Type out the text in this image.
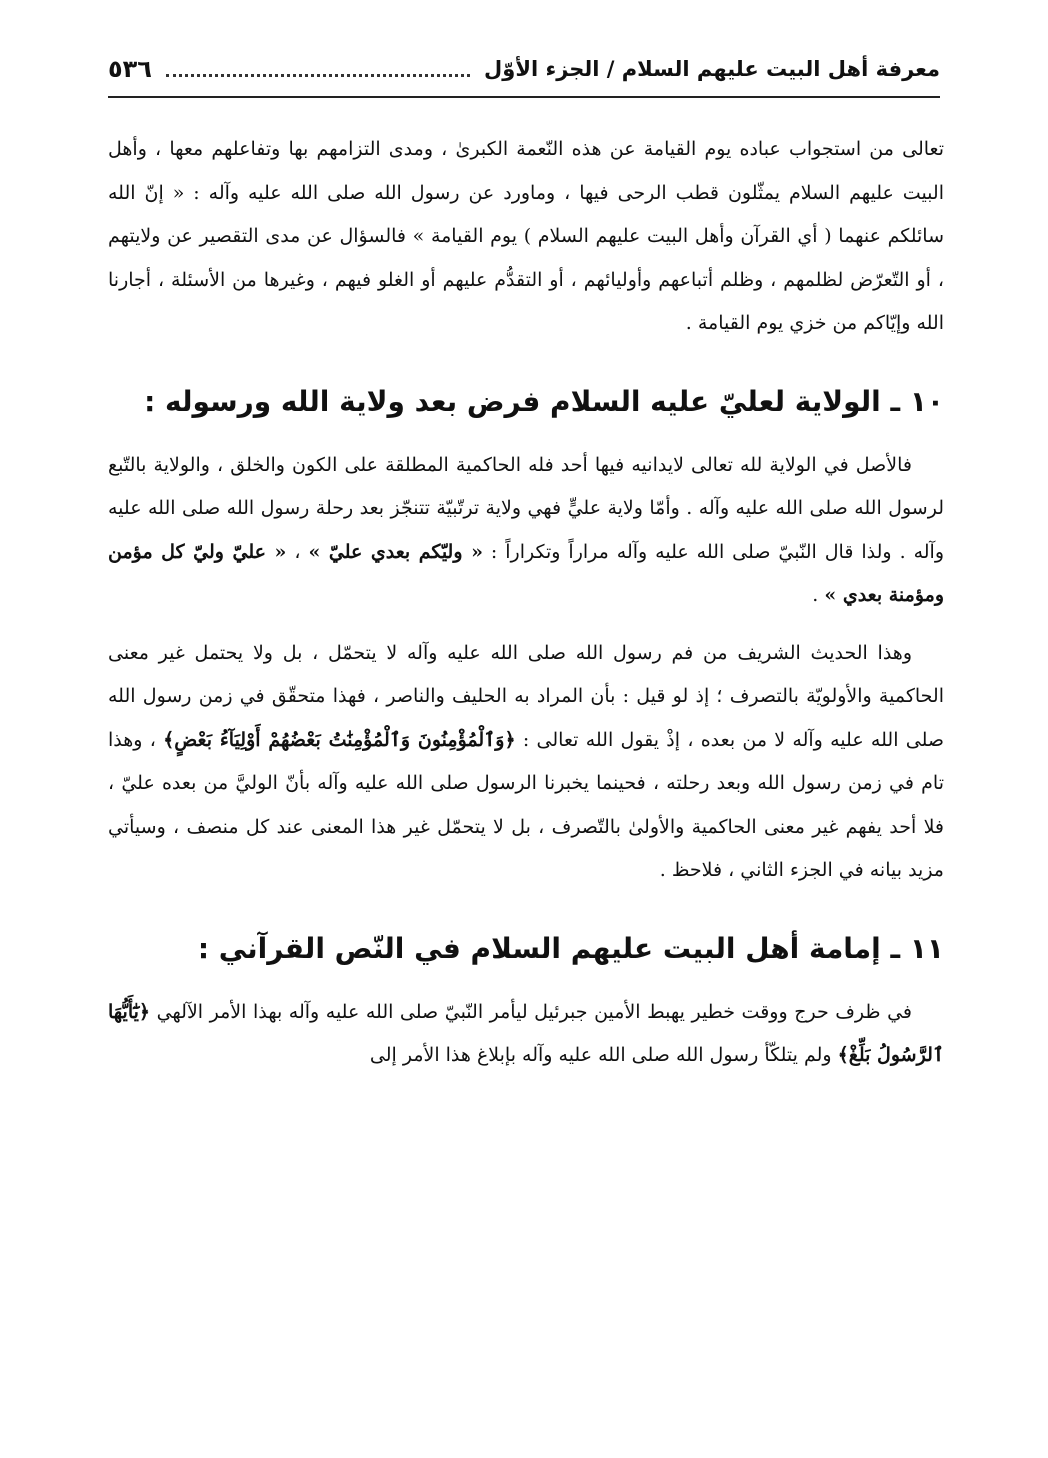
٥٣٦	معرفة أهل البيت عليهم السلام / الجزء الأوّل

تعالى من استجواب عباده يوم القيامة عن هذه النّعمة الكبرىٰ ، ومدى التزامهم بها وتفاعلهم معها ، وأهل البيت عليهم السلام يمثّلون قطب الرحى فيها ، وماورد عن رسول الله صلى الله عليه وآله : « إنّ الله سائلكم عنهما ( أي القرآن وأهل البيت عليهم السلام ) يوم القيامة » فالسؤال عن مدى التقصير عن ولايتهم ، أو التّعرّض لظلمهم ، وظلم أتباعهم وأوليائهم ، أو التقدُّم عليهم أو الغلو فيهم ، وغيرها من الأسئلة ، أجارنا الله وإيّاكم من خزي يوم القيامة .

١٠ ـ الولاية لعليّ عليه السلام فرض بعد ولاية الله ورسوله :

فالأصل في الولاية لله تعالى لايدانيه فيها أحد فله الحاكمية المطلقة على الكون والخلق ، والولاية بالتّبع لرسول الله صلى الله عليه وآله . وأمّا ولاية عليٍّ فهي ولاية ترتّبيّة تتنجّز بعد رحلة رسول الله صلى الله عليه وآله . ولذا قال النّبيّ صلى الله عليه وآله مراراً وتكراراً : « وليّكم بعدي عليّ » ، « عليّ وليّ كل مؤمن ومؤمنة بعدي » .

وهذا الحديث الشريف من فم رسول الله صلى الله عليه وآله لا يتحمّل ، بل ولا يحتمل غير معنى الحاكمية والأولويّة بالتصرف ؛ إذ لو قيل : بأن المراد به الحليف والناصر ، فهذا متحقّق في زمن رسول الله صلى الله عليه وآله لا من بعده ، إذْ يقول الله تعالى : ﴿وَٱلْمُؤْمِنُونَ وَٱلْمُؤْمِنَٰتُ بَعْضُهُمْ أَوْلِيَآءُ بَعْضٍ﴾ ، وهذا تام في زمن رسول الله وبعد رحلته ، فحينما يخبرنا الرسول صلى الله عليه وآله بأنّ الوليَّ من بعده عليّ ، فلا أحد يفهم غير معنى الحاكمية والأولىٰ بالتّصرف ، بل لا يتحمّل غير هذا المعنى عند كل منصف ، وسيأتي مزيد بيانه في الجزء الثاني ، فلاحظ .

١١ ـ إمامة أهل البيت عليهم السلام في النّص القرآني :

في ظرف حرج ووقت خطير يهبط الأمين جبرئيل ليأمر النّبيّ صلى الله عليه وآله بهذا الأمر الآلهي ﴿يَٰٓأَيُّهَا ٱلرَّسُولُ بَلِّغْ﴾ ولم يتلكّأ رسول الله صلى الله عليه وآله بإبلاغ هذا الأمر إلى
